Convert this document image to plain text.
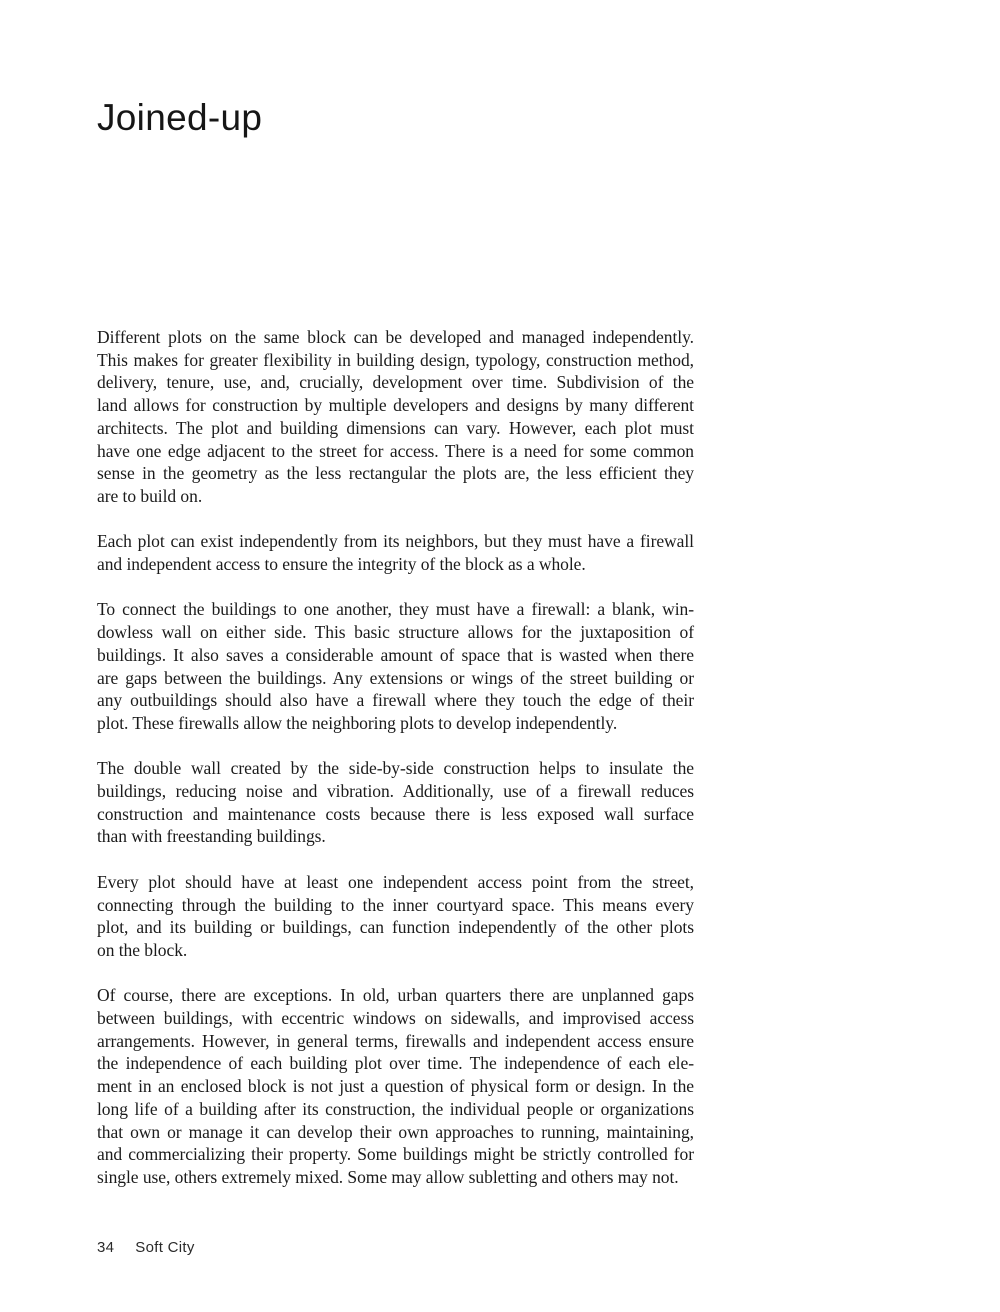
Joined-up
Different plots on the same block can be developed and managed independently.
This makes for greater flexibility in building design, typology, construction method,
delivery, tenure, use, and, crucially, development over time. Subdivision of the
land allows for construction by multiple developers and designs by many different
architects. The plot and building dimensions can vary. However, each plot must
have one edge adjacent to the street for access. There is a need for some common
sense in the geometry as the less rectangular the plots are, the less efficient they
are to build on.
Each plot can exist independently from its neighbors, but they must have a firewall
and independent access to ensure the integrity of the block as a whole.
To connect the buildings to one another, they must have a firewall: a blank, win-
dowless wall on either side. This basic structure allows for the juxtaposition of
buildings. It also saves a considerable amount of space that is wasted when there
are gaps between the buildings. Any extensions or wings of the street building or
any outbuildings should also have a firewall where they touch the edge of their
plot. These firewalls allow the neighboring plots to develop independently.
The double wall created by the side-by-side construction helps to insulate the
buildings, reducing noise and vibration. Additionally, use of a firewall reduces
construction and maintenance costs because there is less exposed wall surface
than with freestanding buildings.
Every plot should have at least one independent access point from the street,
connecting through the building to the inner courtyard space. This means every
plot, and its building or buildings, can function independently of the other plots
on the block.
Of course, there are exceptions. In old, urban quarters there are unplanned gaps
between buildings, with eccentric windows on sidewalls, and improvised access
arrangements. However, in general terms, firewalls and independent access ensure
the independence of each building plot over time. The independence of each ele-
ment in an enclosed block is not just a question of physical form or design. In the
long life of a building after its construction, the individual people or organizations
that own or manage it can develop their own approaches to running, maintaining,
and commercializing their property. Some buildings might be strictly controlled for
single use, others extremely mixed. Some may allow subletting and others may not.
34 Soft City
